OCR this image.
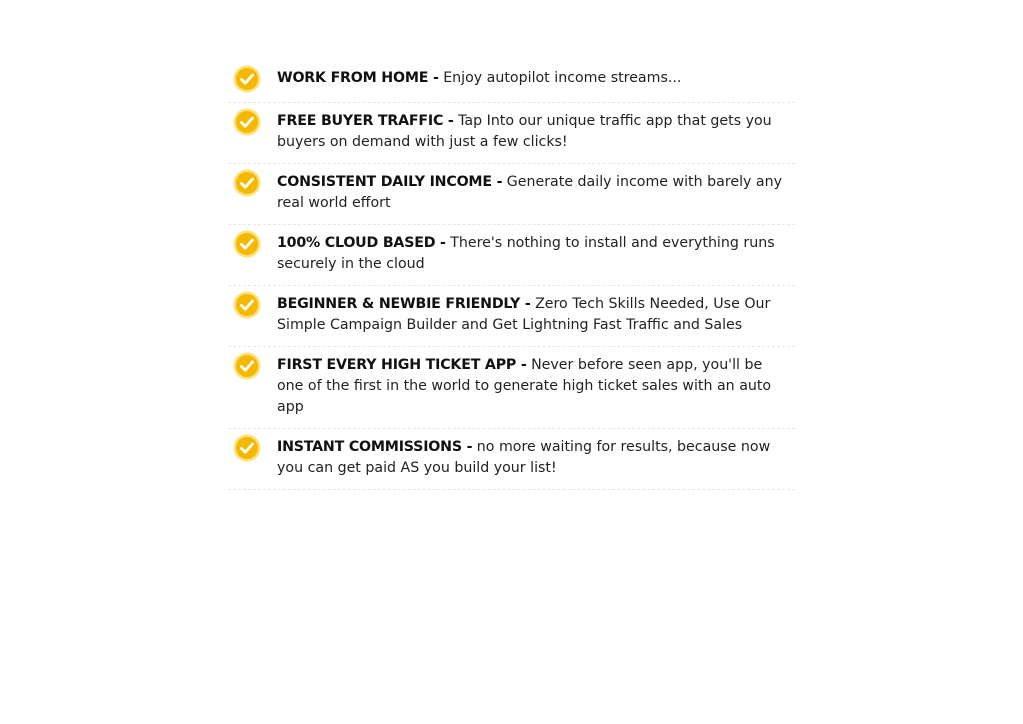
WORK FROM HOME - Enjoy autopilot income streams...

FREE BUYER TRAFFIC - Tap Into our unique traffic app that gets you buyers on demand with just a few clicks!

CONSISTENT DAILY INCOME - Generate daily income with barely any real world effort

100% CLOUD BASED - There's nothing to install and everything runs securely in the cloud

BEGINNER & NEWBIE FRIENDLY - Zero Tech Skills Needed, Use Our Simple Campaign Builder and Get Lightning Fast Traffic and Sales

FIRST EVERY HIGH TICKET APP - Never before seen app, you'll be one of the first in the world to generate high ticket sales with an auto app

INSTANT COMMISSIONS - no more waiting for results, because now you can get paid AS you build your list!
